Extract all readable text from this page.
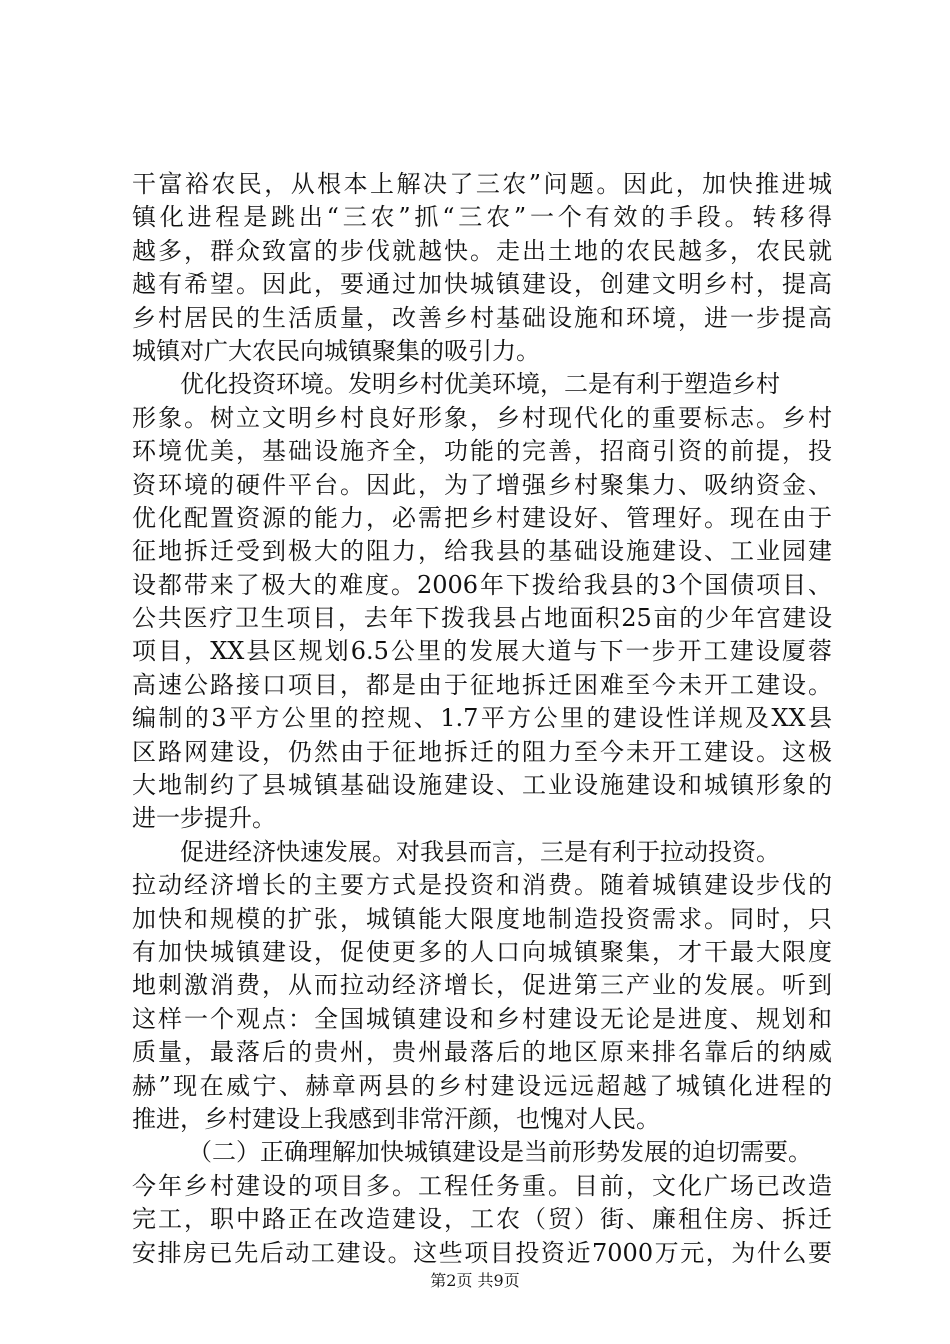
干富裕农民，从根本上解决了三农”问题。因此，加快推进城
镇化进程是跳出“三农”抓“三农”一个有效的手段。转移得
越多，群众致富的步伐就越快。走出土地的农民越多，农民就
越有希望。因此，要通过加快城镇建设，创建文明乡村，提高
乡村居民的生活质量，改善乡村基础设施和环境，进一步提高
城镇对广大农民向城镇聚集的吸引力。
优化投资环境。发明乡村优美环境，二是有利于塑造乡村
形象。树立文明乡村良好形象，乡村现代化的重要标志。乡村
环境优美，基础设施齐全，功能的完善，招商引资的前提，投
资环境的硬件平台。因此，为了增强乡村聚集力、吸纳资金、
优化配置资源的能力，必需把乡村建设好、管理好。现在由于
征地拆迁受到极大的阻力，给我县的基础设施建设、工业园建
设都带来了极大的难度。2006年下拨给我县的3个国债项目、
公共医疗卫生项目，去年下拨我县占地面积25亩的少年宫建设
项目，XX县区规划6.5公里的发展大道与下一步开工建设厦蓉
高速公路接口项目，都是由于征地拆迁困难至今未开工建设。
编制的3平方公里的控规、1.7平方公里的建设性详规及XX县
区路网建设，仍然由于征地拆迁的阻力至今未开工建设。这极
大地制约了县城镇基础设施建设、工业设施建设和城镇形象的
进一步提升。
促进经济快速发展。对我县而言，三是有利于拉动投资。
拉动经济增长的主要方式是投资和消费。随着城镇建设步伐的
加快和规模的扩张，城镇能大限度地制造投资需求。同时，只
有加快城镇建设，促使更多的人口向城镇聚集，才干最大限度
地刺激消费，从而拉动经济增长，促进第三产业的发展。听到
这样一个观点：全国城镇建设和乡村建设无论是进度、规划和
质量，最落后的贵州，贵州最落后的地区原来排名靠后的纳威
赫”现在威宁、赫章两县的乡村建设远远超越了城镇化进程的
推进，乡村建设上我感到非常汗颜，也愧对人民。
（二）正确理解加快城镇建设是当前形势发展的迫切需要。
今年乡村建设的项目多。工程任务重。目前，文化广场已改造
完工，职中路正在改造建设，工农（贸）街、廉租住房、拆迁
安排房已先后动工建设。这些项目投资近7000万元，为什么要
第2页 共9页
